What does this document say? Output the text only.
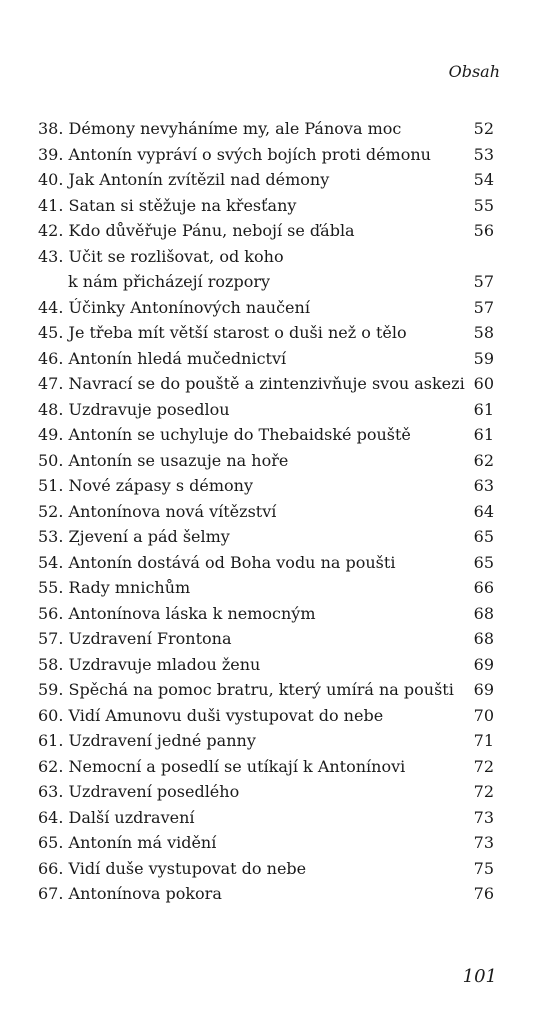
Obsah
38. Démony nevyháníme my, ale Pánova moc	52
39. Antonín vypráví o svých bojích proti démonu	53
40. Jak Antonín zvítězil nad démony	54
41. Satan si stěžuje na křesťany	55
42. Kdo důvěřuje Pánu, nebojí se ďábla	56
43. Učit se rozlišovat, od koho
k nám přicházejí rozpory	57
44. Účinky Antonínových naučení	57
45. Je třeba mít větší starost o duši než o tělo	58
46. Antonín hledá mučednictví	59
47. Navrací se do pouště a zintenzivňuje svou askezi 60
48. Uzdravuje posedlou	61
49. Antonín se uchyluje do Thebaidské pouště	61
50. Antonín se usazuje na hoře	62
51. Nové zápasy s démony	63
52. Antonínova nová vítězství	64
53. Zjevení a pád šelmy	65
54. Antonín dostává od Boha vodu na poušti	65
55. Rady mnichům	66
56. Antonínova láska k nemocným	68
57. Uzdravení Frontona	68
58. Uzdravuje mladou ženu	69
59. Spěchá na pomoc bratru, který umírá na poušti	69
60. Vidí Amunovu duši vystupovat do nebe	70
61. Uzdravení jedné panny	71
62. Nemocní a posedlí se utíkají k Antonínovi	72
63. Uzdravení posedlého	72
64. Další uzdravení	73
65. Antonín má vidění	73
66. Vidí duše vystupovat do nebe	75
67. Antonínova pokora	76
101
